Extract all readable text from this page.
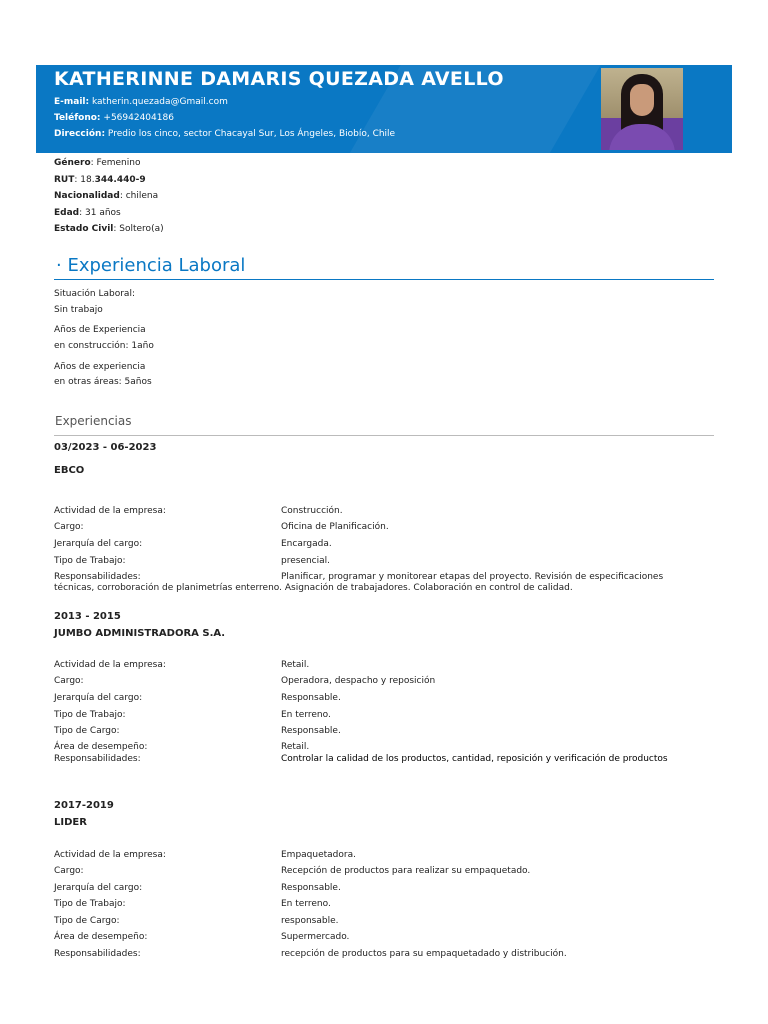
KATHERINNE DAMARIS QUEZADA AVELLO
E-mail: katherin.quezada@Gmail.com
Teléfono: +56942404186
Dirección: Predio los cinco, sector Chacayal Sur, Los Ángeles, Biobío, Chile
Género: Femenino
RUT: 18.344.440-9
Nacionalidad: chilena
Edad: 31 años
Estado Civil: Soltero(a)
· Experiencia Laboral
Situación Laboral:
Sin trabajo
Años de Experiencia
en construcción: 1año
Años de experiencia
en otras áreas: 5años
Experiencias
03/2023 - 06-2023
EBCO
Actividad de la empresa:	Construcción.
Cargo:	Oficina de Planificación.
Jerarquía del cargo:	Encargada.
Tipo de Trabajo:	presencial.
Responsabilidades:	Planificar, programar y monitorear etapas del proyecto. Revisión de especificaciones
técnicas, corroboración de planimetrías enterreno. Asignación de trabajadores. Colaboración en control de calidad.
2013 - 2015
JUMBO ADMINISTRADORA S.A.
Actividad de la empresa:	Retail.
Cargo:	Operadora, despacho y reposición
Jerarquía del cargo:	Responsable.
Tipo de Trabajo:	En terreno.
Tipo de Cargo:	Responsable.
Área de desempeño:	Retail.
Responsabilidades:	Controlar la calidad de los productos, cantidad, reposición y verificación de productos
2017-2019
LIDER
Actividad de la empresa:	Empaquetadora.
Cargo:	Recepción de productos para realizar su empaquetado.
Jerarquía del cargo:	Responsable.
Tipo de Trabajo:	En terreno.
Tipo de Cargo:	responsable.
Área de desempeño:	Supermercado.
Responsabilidades:	recepción de productos para su empaquetadado y distribución.
